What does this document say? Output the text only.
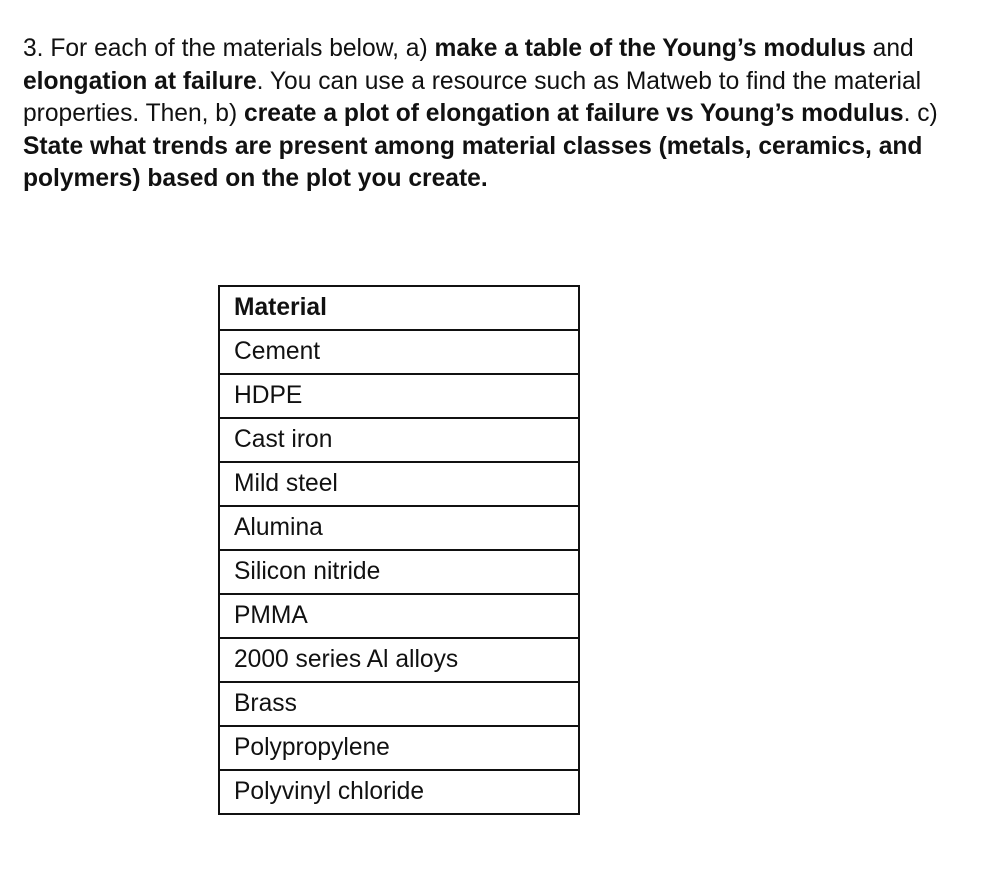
3. For each of the materials below, a) make a table of the Young’s modulus and elongation at failure. You can use a resource such as Matweb to find the material properties. Then, b) create a plot of elongation at failure vs Young’s modulus. c) State what trends are present among material classes (metals, ceramics, and polymers) based on the plot you create.

Material
Cement
HDPE
Cast iron
Mild steel
Alumina
Silicon nitride
PMMA
2000 series Al alloys
Brass
Polypropylene
Polyvinyl chloride
